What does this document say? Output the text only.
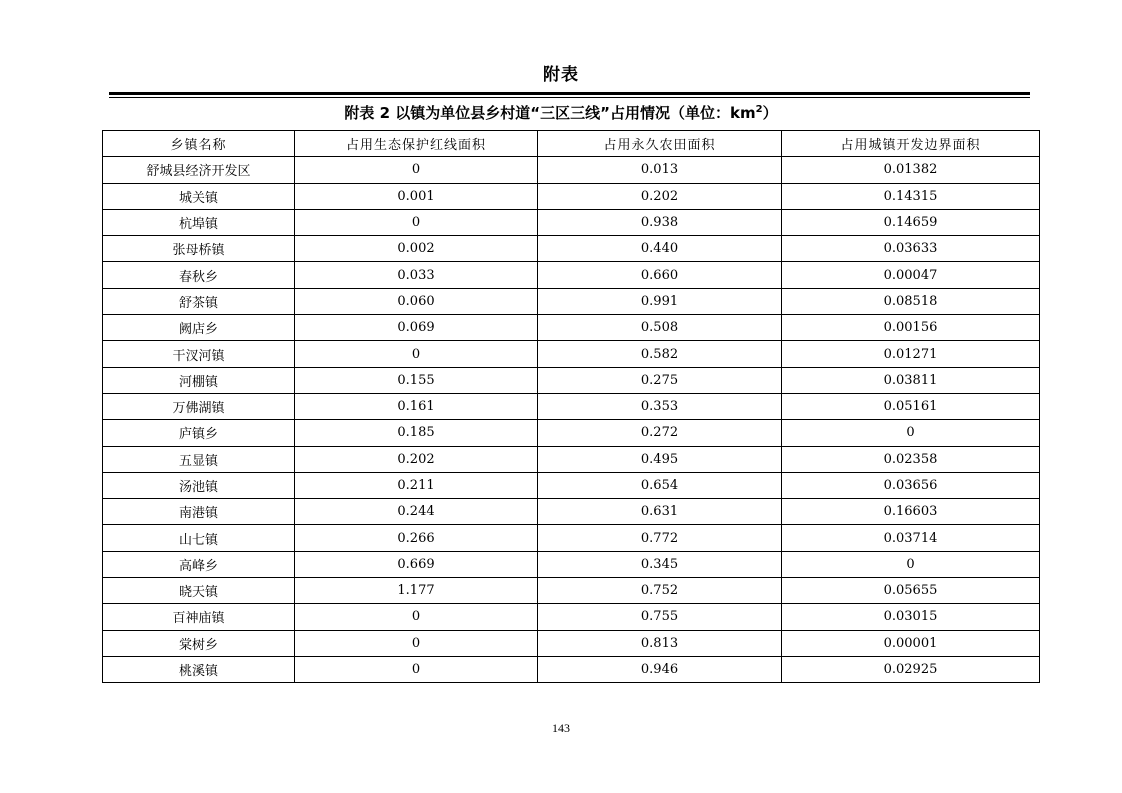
附表
附表 2 以镇为单位县乡村道“三区三线”占用情况（单位：$km^2$）
乡镇名称	占用生态保护红线面积	占用永久农田面积	占用城镇开发边界面积
舒城县经济开发区	0	0.013	0.01382
城关镇	0.001	0.202	0.14315
杭埠镇	0	0.938	0.14659
张母桥镇	0.002	0.440	0.03633
春秋乡	0.033	0.660	0.00047
舒茶镇	0.060	0.991	0.08518
阙店乡	0.069	0.508	0.00156
干汊河镇	0	0.582	0.01271
河棚镇	0.155	0.275	0.03811
万佛湖镇	0.161	0.353	0.05161
庐镇乡	0.185	0.272	0
五显镇	0.202	0.495	0.02358
汤池镇	0.211	0.654	0.03656
南港镇	0.244	0.631	0.16603
山七镇	0.266	0.772	0.03714
高峰乡	0.669	0.345	0
晓天镇	1.177	0.752	0.05655
百神庙镇	0	0.755	0.03015
棠树乡	0	0.813	0.00001
桃溪镇	0	0.946	0.02925
143
